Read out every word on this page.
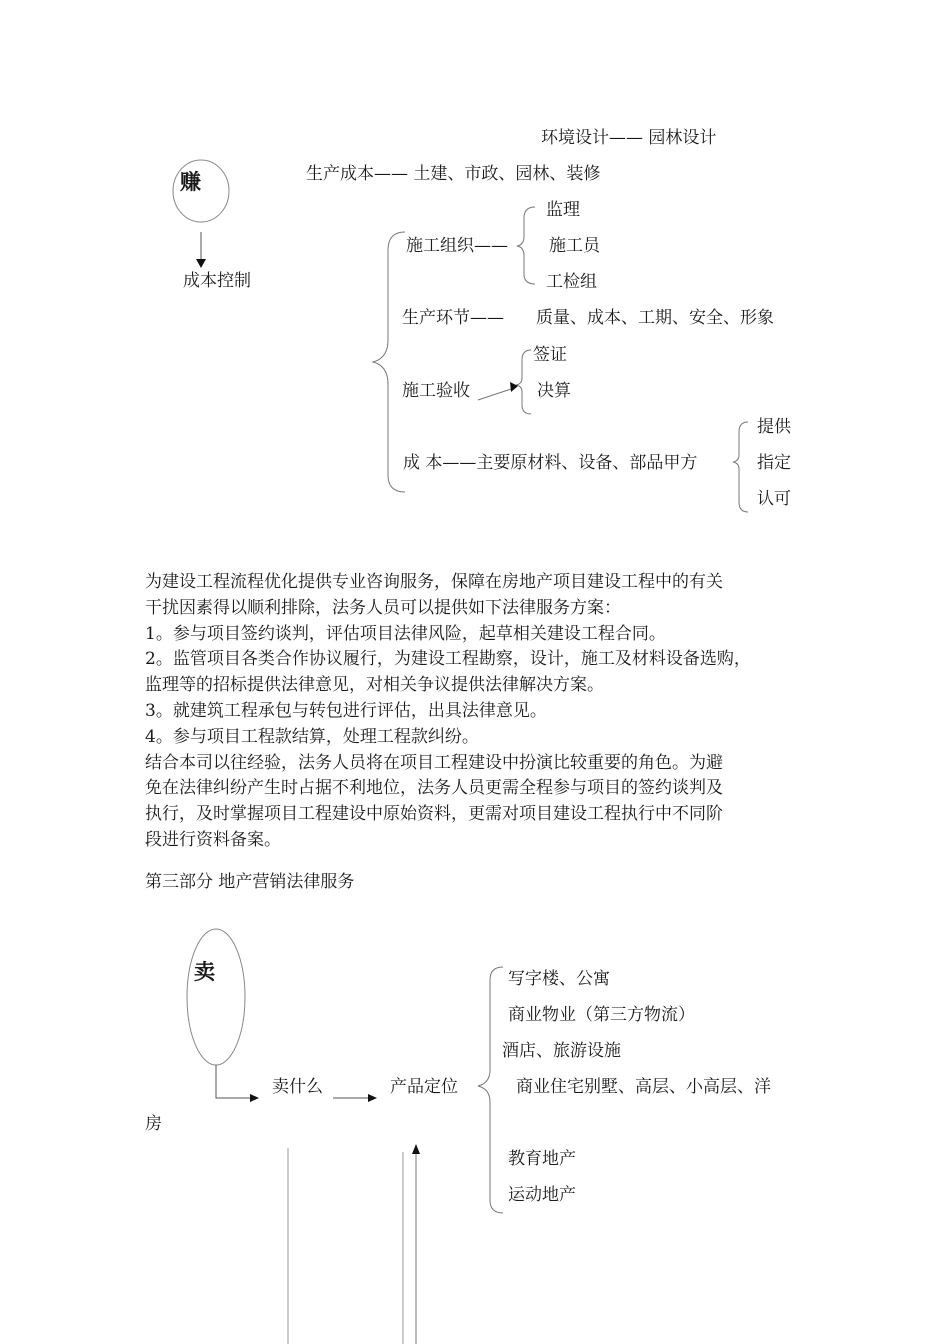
环境设计—— 园林设计
赚	生产成本—— 土建、市政、园林、装修
成本控制
施工组织——
监理
施工员
工检组
生产环节—— 质量、成本、工期、安全、形象
施工验收
签证
决算
成 本——主要原材料、设备、部品甲方
提供
指定
认可
为建设工程流程优化提供专业咨询服务，保障在房地产项目建设工程中的有关
干扰因素得以顺利排除，法务人员可以提供如下法律服务方案：
1。参与项目签约谈判，评估项目法律风险，起草相关建设工程合同。
2。监管项目各类合作协议履行，为建设工程勘察，设计，施工及材料设备选购，
监理等的招标提供法律意见，对相关争议提供法律解决方案。
3。就建筑工程承包与转包进行评估，出具法律意见。
4。参与项目工程款结算，处理工程款纠纷。
结合本司以往经验，法务人员将在项目工程建设中扮演比较重要的角色。为避
免在法律纠纷产生时占据不利地位，法务人员更需全程参与项目的签约谈判及
执行，及时掌握项目工程建设中原始资料，更需对项目建设工程执行中不同阶
段进行资料备案。
第三部分 地产营销法律服务
卖
卖什么	产品定位
写字楼、公寓
商业物业（第三方物流）
酒店、旅游设施
商业住宅别墅、高层、小高层、洋
房
教育地产
运动地产
